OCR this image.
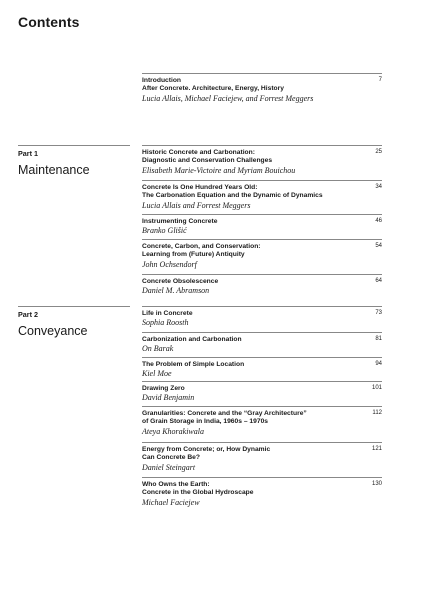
Contents
Introduction
After Concrete. Architecture, Energy, History
Lucia Allais, Michael Faciejew, and Forrest Meggers
7
Part 1
Maintenance
Historic Concrete and Carbonation:
Diagnostic and Conservation Challenges
Elisabeth Marie-Victoire and Myriam Bouichou
25
Concrete Is One Hundred Years Old:
The Carbonation Equation and the Dynamic of Dynamics
Lucia Allais and Forrest Meggers
34
Instrumenting Concrete
Branko Glišić
46
Concrete, Carbon, and Conservation:
Learning from (Future) Antiquity
John Ochsendorf
54
Concrete Obsolescence
Daniel M. Abramson
64
Part 2
Conveyance
Life in Concrete
Sophia Roosth
73
Carbonization and Carbonation
On Barak
81
The Problem of Simple Location
Kiel Moe
94
Drawing Zero
David Benjamin
101
Granularities: Concrete and the “Gray Architecture”
of Grain Storage in India, 1960s – 1970s
Ateya Khorakiwala
112
Energy from Concrete; or, How Dynamic
Can Concrete Be?
Daniel Steingart
121
Who Owns the Earth:
Concrete in the Global Hydroscape
Michael Faciejew
130
